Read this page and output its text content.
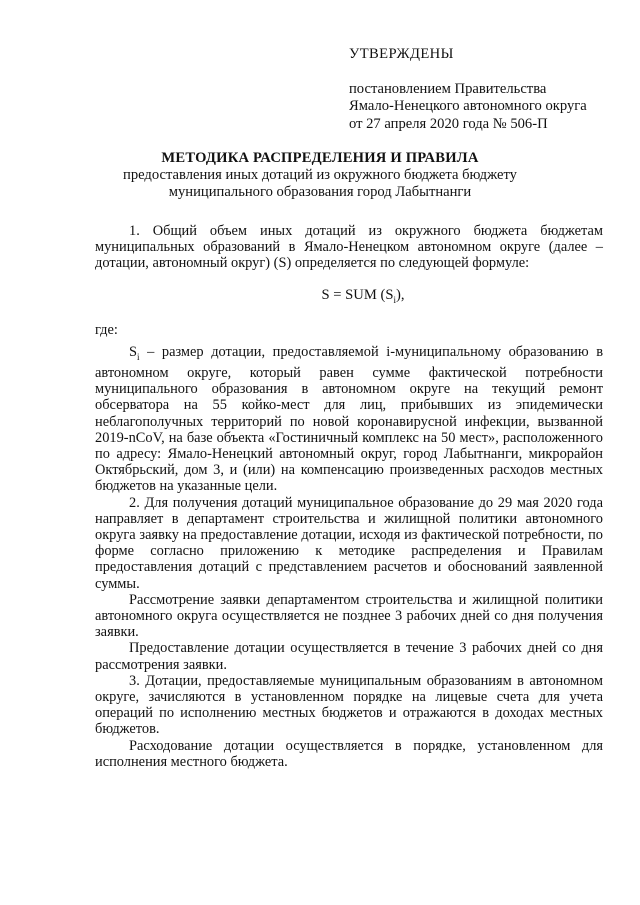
УТВЕРЖДЕНЫ
постановлением Правительства
Ямало-Ненецкого автономного округа
от 27 апреля 2020 года № 506-П
МЕТОДИКА РАСПРЕДЕЛЕНИЯ И ПРАВИЛА
предоставления иных дотаций из окружного бюджета бюджету
муниципального образования город Лабытнанги

1. Общий объем иных дотаций из окружного бюджета бюджетам муниципальных образований в Ямало-Ненецком автономном округе (далее – дотации, автономный округ) (S) определяется по следующей формуле:

S = SUM $(S_i)$,

где:

$S_i$ – размер дотации, предоставляемой i-муниципальному образованию в автономном округе, который равен сумме фактической потребности муниципального образования в автономном округе на текущий ремонт обсерватора на 55 койко-мест для лиц, прибывших из эпидемически неблагополучных территорий по новой коронавирусной инфекции, вызванной 2019-nCoV, на базе объекта «Гостиничный комплекс на 50 мест», расположенного по адресу: Ямало-Ненецкий автономный округ, город Лабытнанги, микрорайон Октябрьский, дом 3, и (или) на компенсацию произведенных расходов местных бюджетов на указанные цели.

2. Для получения дотаций муниципальное образование до 29 мая 2020 года направляет в департамент строительства и жилищной политики автономного округа заявку на предоставление дотации, исходя из фактической потребности, по форме согласно приложению к методике распределения и Правилам предоставления дотаций с представлением расчетов и обоснований заявленной суммы.

Рассмотрение заявки департаментом строительства и жилищной политики автономного округа осуществляется не позднее 3 рабочих дней со дня получения заявки.

Предоставление дотации осуществляется в течение 3 рабочих дней со дня рассмотрения заявки.

3. Дотации, предоставляемые муниципальным образованиям в автономном округе, зачисляются в установленном порядке на лицевые счета для учета операций по исполнению местных бюджетов и отражаются в доходах местных бюджетов.

Расходование дотации осуществляется в порядке, установленном для исполнения местного бюджета.
